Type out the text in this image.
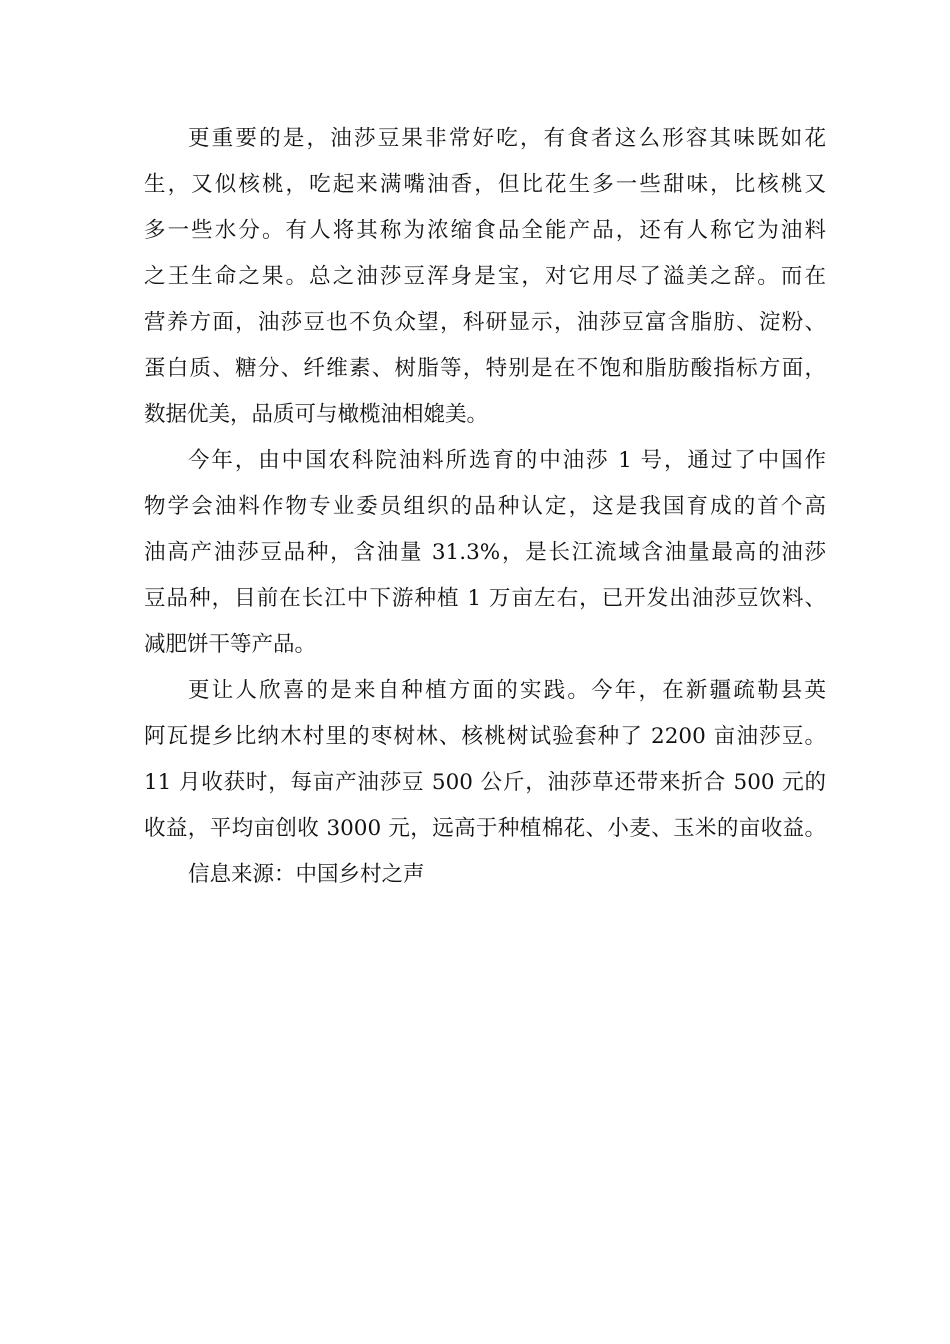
更重要的是，油莎豆果非常好吃，有食者这么形容其味既如花
生，又似核桃，吃起来满嘴油香，但比花生多一些甜味，比核桃又
多一些水分。有人将其称为浓缩食品全能产品，还有人称它为油料
之王生命之果。总之油莎豆浑身是宝，对它用尽了溢美之辞。而在
营养方面，油莎豆也不负众望，科研显示，油莎豆富含脂肪、淀粉、
蛋白质、糖分、纤维素、树脂等，特别是在不饱和脂肪酸指标方面，
数据优美，品质可与橄榄油相媲美。
今年，由中国农科院油料所选育的中油莎 1 号，通过了中国作
物学会油料作物专业委员组织的品种认定，这是我国育成的首个高
油高产油莎豆品种，含油量 31.3%，是长江流域含油量最高的油莎
豆品种，目前在长江中下游种植 1 万亩左右，已开发出油莎豆饮料、
减肥饼干等产品。
更让人欣喜的是来自种植方面的实践。今年，在新疆疏勒县英
阿瓦提乡比纳木村里的枣树林、核桃树试验套种了 2200 亩油莎豆。
11 月收获时，每亩产油莎豆 500 公斤，油莎草还带来折合 500 元的
收益，平均亩创收 3000 元，远高于种植棉花、小麦、玉米的亩收益。
信息来源：中国乡村之声
